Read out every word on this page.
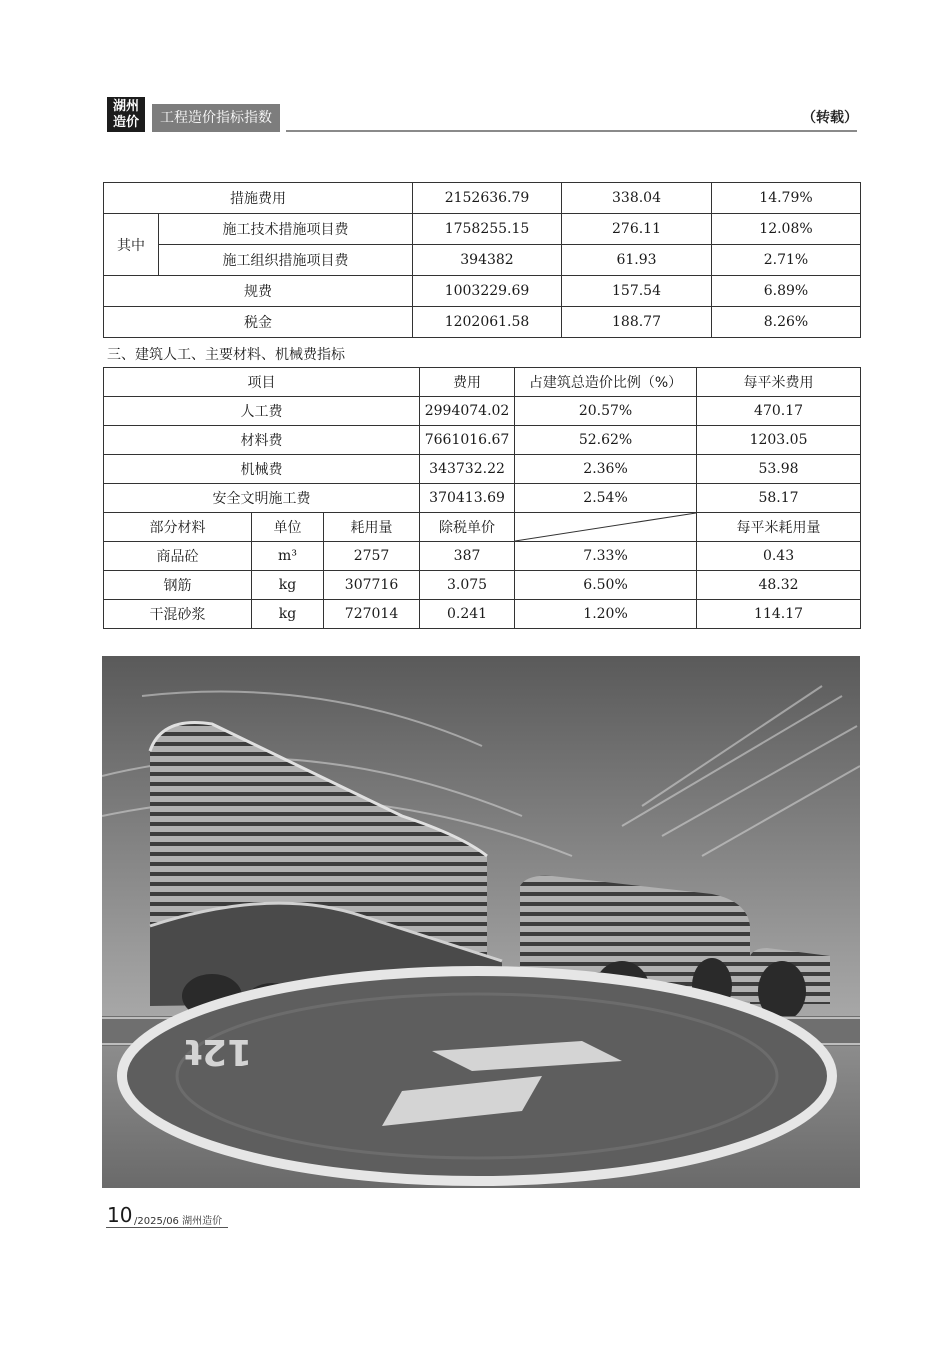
湖州
造价	工程造价指标指数	（转载）
措施费用		2152636.79	338.04	14.79%
其中	施工技术措施项目费	1758255.15	276.11	12.08%
	施工组织措施项目费	394382	61.93	2.71%
规费		1003229.69	157.54	6.89%
税金		1202061.58	188.77	8.26%
三、建筑人工、主要材料、机械费指标
项目			费用	占建筑总造价比例（%）	每平米费用
人工费			2994074.02	20.57%	470.17
材料费			7661016.67	52.62%	1203.05
机械费			343732.22	2.36%	53.98
安全文明施工费			370413.69	2.54%	58.17
部分材料	单位	耗用量	除税单价		每平米耗用量
商品砼	m³	2757	387	7.33%	0.43
钢筋	kg	307716	3.075	6.50%	48.32
干混砂浆	kg	727014	0.241	1.20%	114.17
12t
10 /2025/06 湖州造价
